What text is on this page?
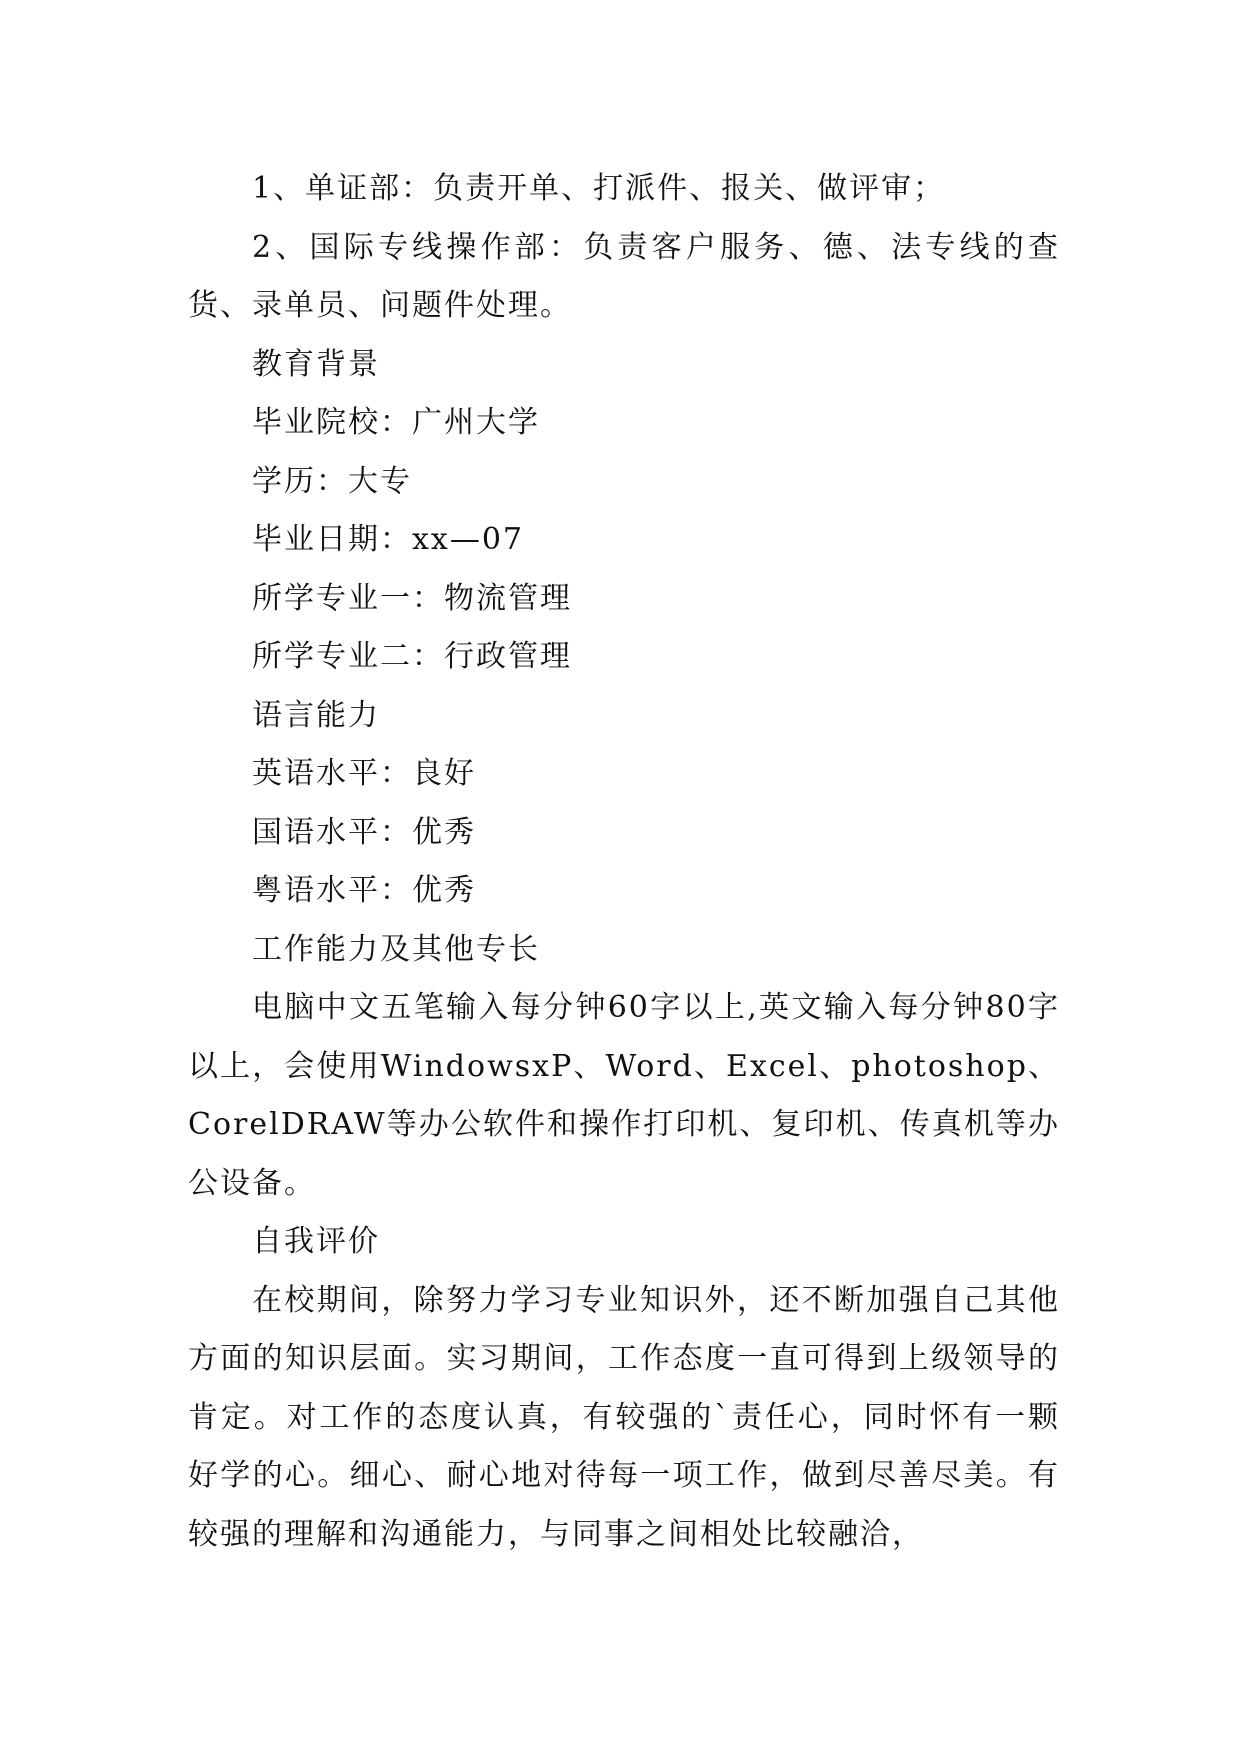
1、单证部：负责开单、打派件、报关、做评审；

2、国际专线操作部：负责客户服务、德、法专线的查货、录单员、问题件处理。

教育背景

毕业院校：广州大学

学历：大专

毕业日期：xx—07

所学专业一：物流管理

所学专业二：行政管理

语言能力

英语水平：良好

国语水平：优秀

粤语水平：优秀

工作能力及其他专长

电脑中文五笔输入每分钟60字以上,英文输入每分钟80字以上，会使用WindowsxP、Word、Excel、photoshop、CorelDRAW等办公软件和操作打印机、复印机、传真机等办公设备。

自我评价

在校期间，除努力学习专业知识外，还不断加强自己其他方面的知识层面。实习期间，工作态度一直可得到上级领导的肯定。对工作的态度认真，有较强的`责任心，同时怀有一颗好学的心。细心、耐心地对待每一项工作，做到尽善尽美。有较强的理解和沟通能力，与同事之间相处比较融洽，
